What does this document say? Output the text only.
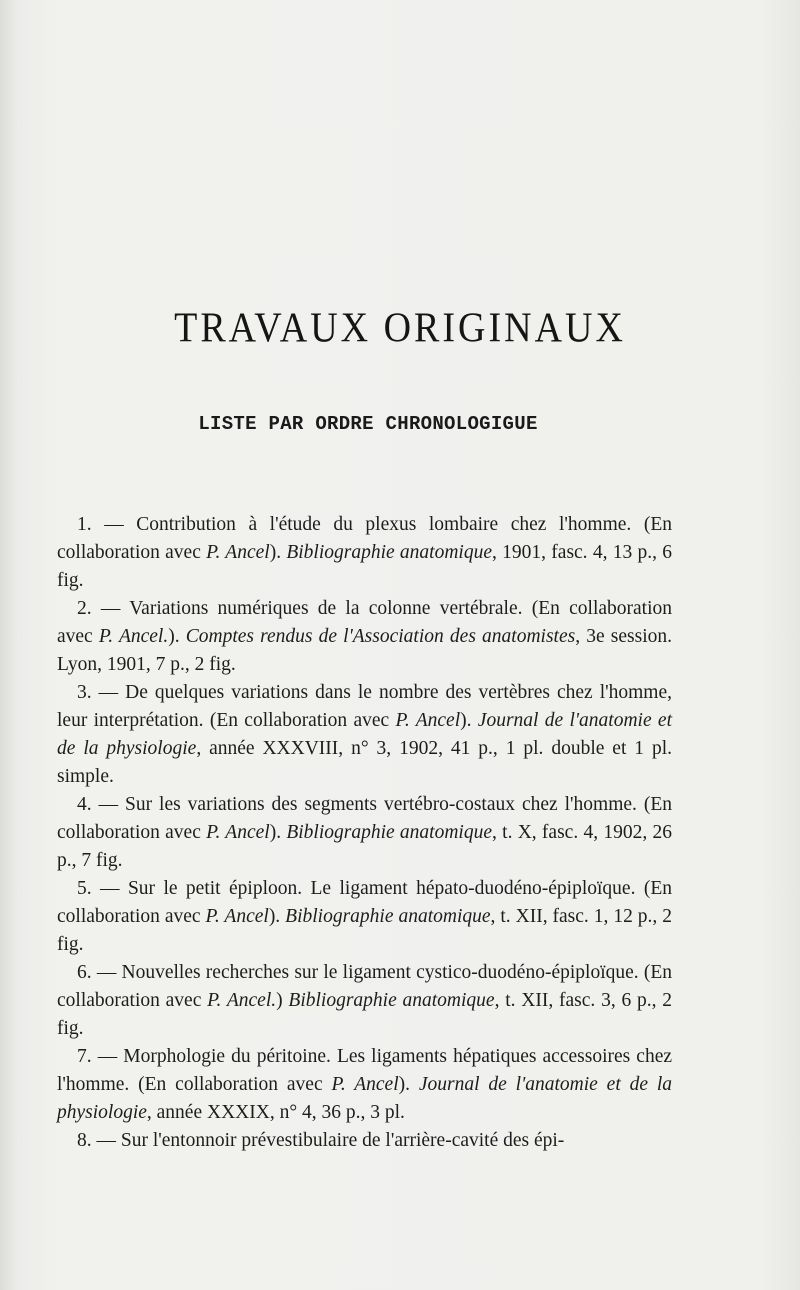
TRAVAUX ORIGINAUX
LISTE PAR ORDRE CHRONOLOGIGUE

1. — Contribution à l'étude du plexus lombaire chez l'homme. (En collaboration avec P. Ancel). Bibliographie anatomique, 1901, fasc. 4, 13 p., 6 fig.

2. — Variations numériques de la colonne vertébrale. (En collaboration avec P. Ancel.). Comptes rendus de l'Association des anatomistes, 3e session. Lyon, 1901, 7 p., 2 fig.

3. — De quelques variations dans le nombre des vertèbres chez l'homme, leur interprétation. (En collaboration avec P. Ancel). Journal de l'anatomie et de la physiologie, année XXXVIII, n° 3, 1902, 41 p., 1 pl. double et 1 pl. simple.

4. — Sur les variations des segments vertébro-costaux chez l'homme. (En collaboration avec P. Ancel). Bibliographie anatomique, t. X, fasc. 4, 1902, 26 p., 7 fig.

5. — Sur le petit épiploon. Le ligament hépato-duodéno-épiploïque. (En collaboration avec P. Ancel). Bibliographie anatomique, t. XII, fasc. 1, 12 p., 2 fig.

6. — Nouvelles recherches sur le ligament cystico-duodéno-épiploïque. (En collaboration avec P. Ancel.) Bibliographie anatomique, t. XII, fasc. 3, 6 p., 2 fig.

7. — Morphologie du péritoine. Les ligaments hépatiques accessoires chez l'homme. (En collaboration avec P. Ancel). Journal de l'anatomie et de la physiologie, année XXXIX, n° 4, 36 p., 3 pl.

8. — Sur l'entonnoir prévestibulaire de l'arrière-cavité des épi-
